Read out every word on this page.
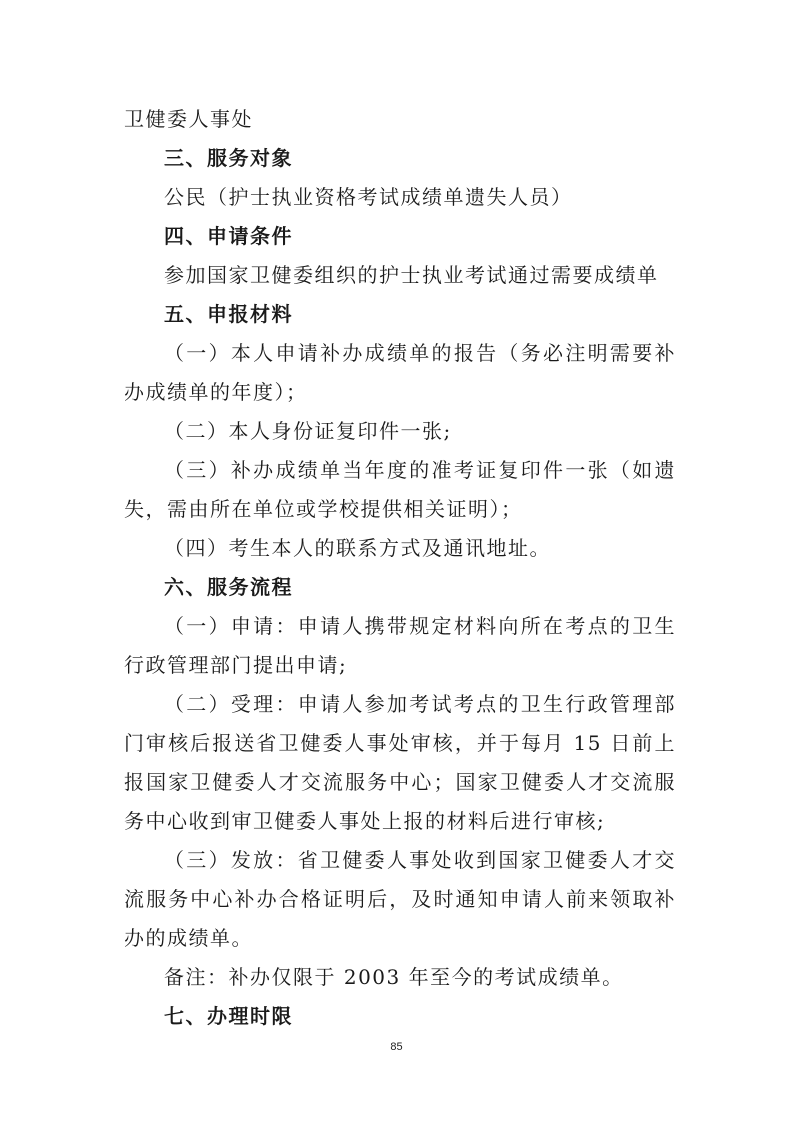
卫健委人事处

三、服务对象

公民（护士执业资格考试成绩单遗失人员）

四、申请条件

参加国家卫健委组织的护士执业考试通过需要成绩单

五、申报材料

（一）本人申请补办成绩单的报告（务必注明需要补办成绩单的年度）；

（二）本人身份证复印件一张;

（三）补办成绩单当年度的准考证复印件一张（如遗失，需由所在单位或学校提供相关证明）；

（四）考生本人的联系方式及通讯地址。

六、服务流程

（一）申请：申请人携带规定材料向所在考点的卫生行政管理部门提出申请;

（二）受理：申请人参加考试考点的卫生行政管理部门审核后报送省卫健委人事处审核，并于每月 15 日前上报国家卫健委人才交流服务中心；国家卫健委人才交流服务中心收到审卫健委人事处上报的材料后进行审核;

（三）发放：省卫健委人事处收到国家卫健委人才交流服务中心补办合格证明后，及时通知申请人前来领取补办的成绩单。

备注：补办仅限于 2003 年至今的考试成绩单。

七、办理时限

85
